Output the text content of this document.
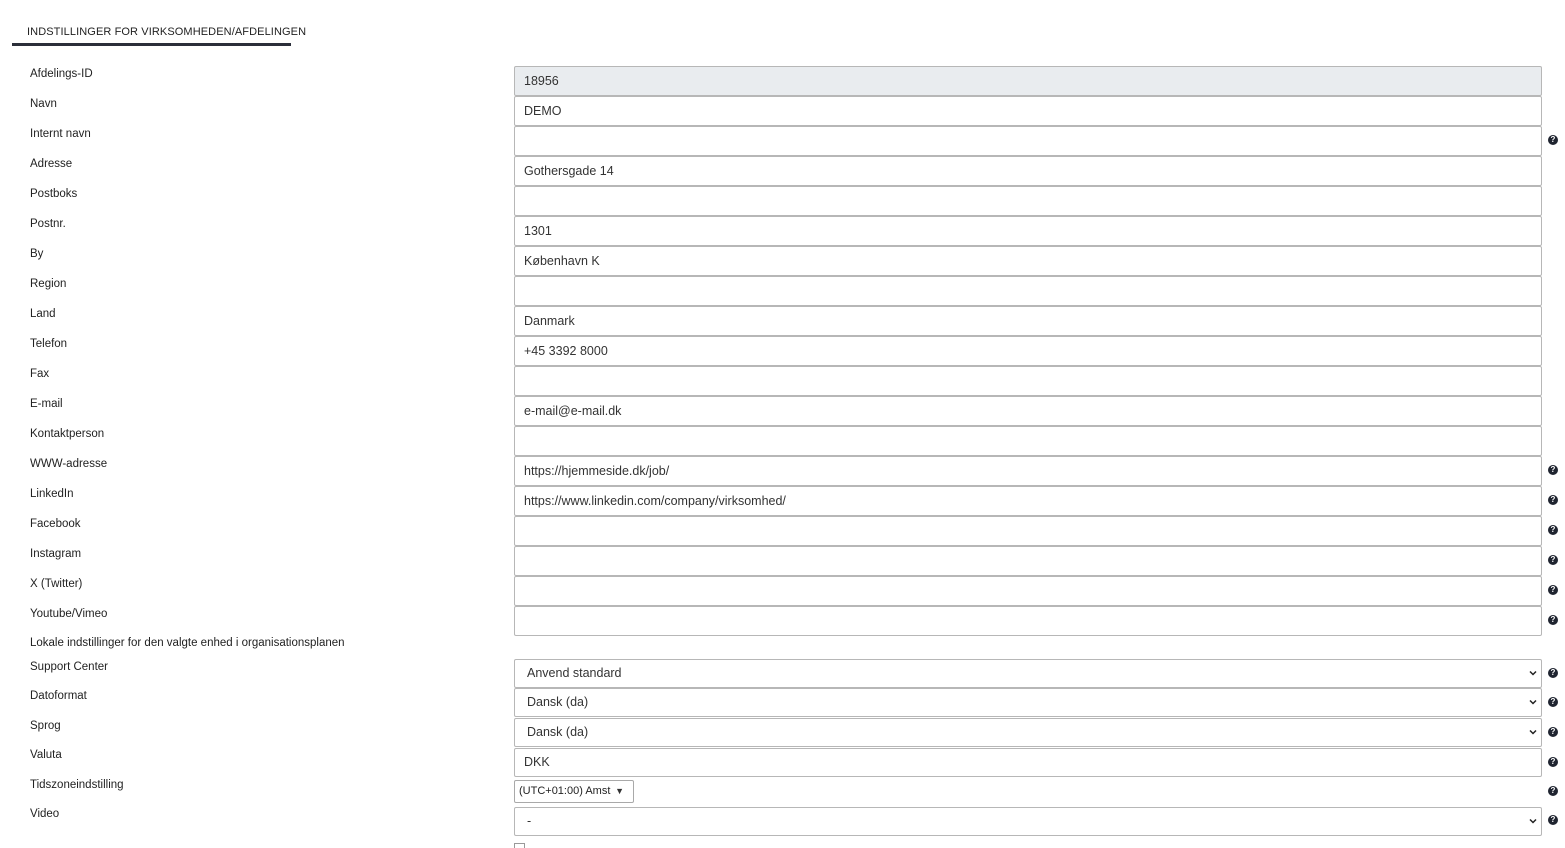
INDSTILLINGER FOR VIRKSOMHEDEN/AFDELINGEN
Afdelings-ID
Navn
Internt navn
Adresse
Postboks
Postnr.
By
Region
Land
Telefon
Fax
E-mail
Kontaktperson
WWW-adresse
LinkedIn
Facebook
Instagram
X (Twitter)
Youtube/Vimeo
Lokale indstillinger for den valgte enhed i organisationsplanen
Support Center
Datoformat
Sprog
Valuta
Tidszoneindstilling
Video
18956
DEMO
Gothersgade 14
1301
København K
Danmark
+45 3392 8000
e-mail@e-mail.dk
https://hjemmeside.dk/job/
https://www.linkedin.com/company/virksomhed/
Anvend standard
Dansk (da)
Dansk (da)
DKK
(UTC+01:00) Amst ▼
-
?
?
?
?
?
?
?
?
?
?
?
?
?
